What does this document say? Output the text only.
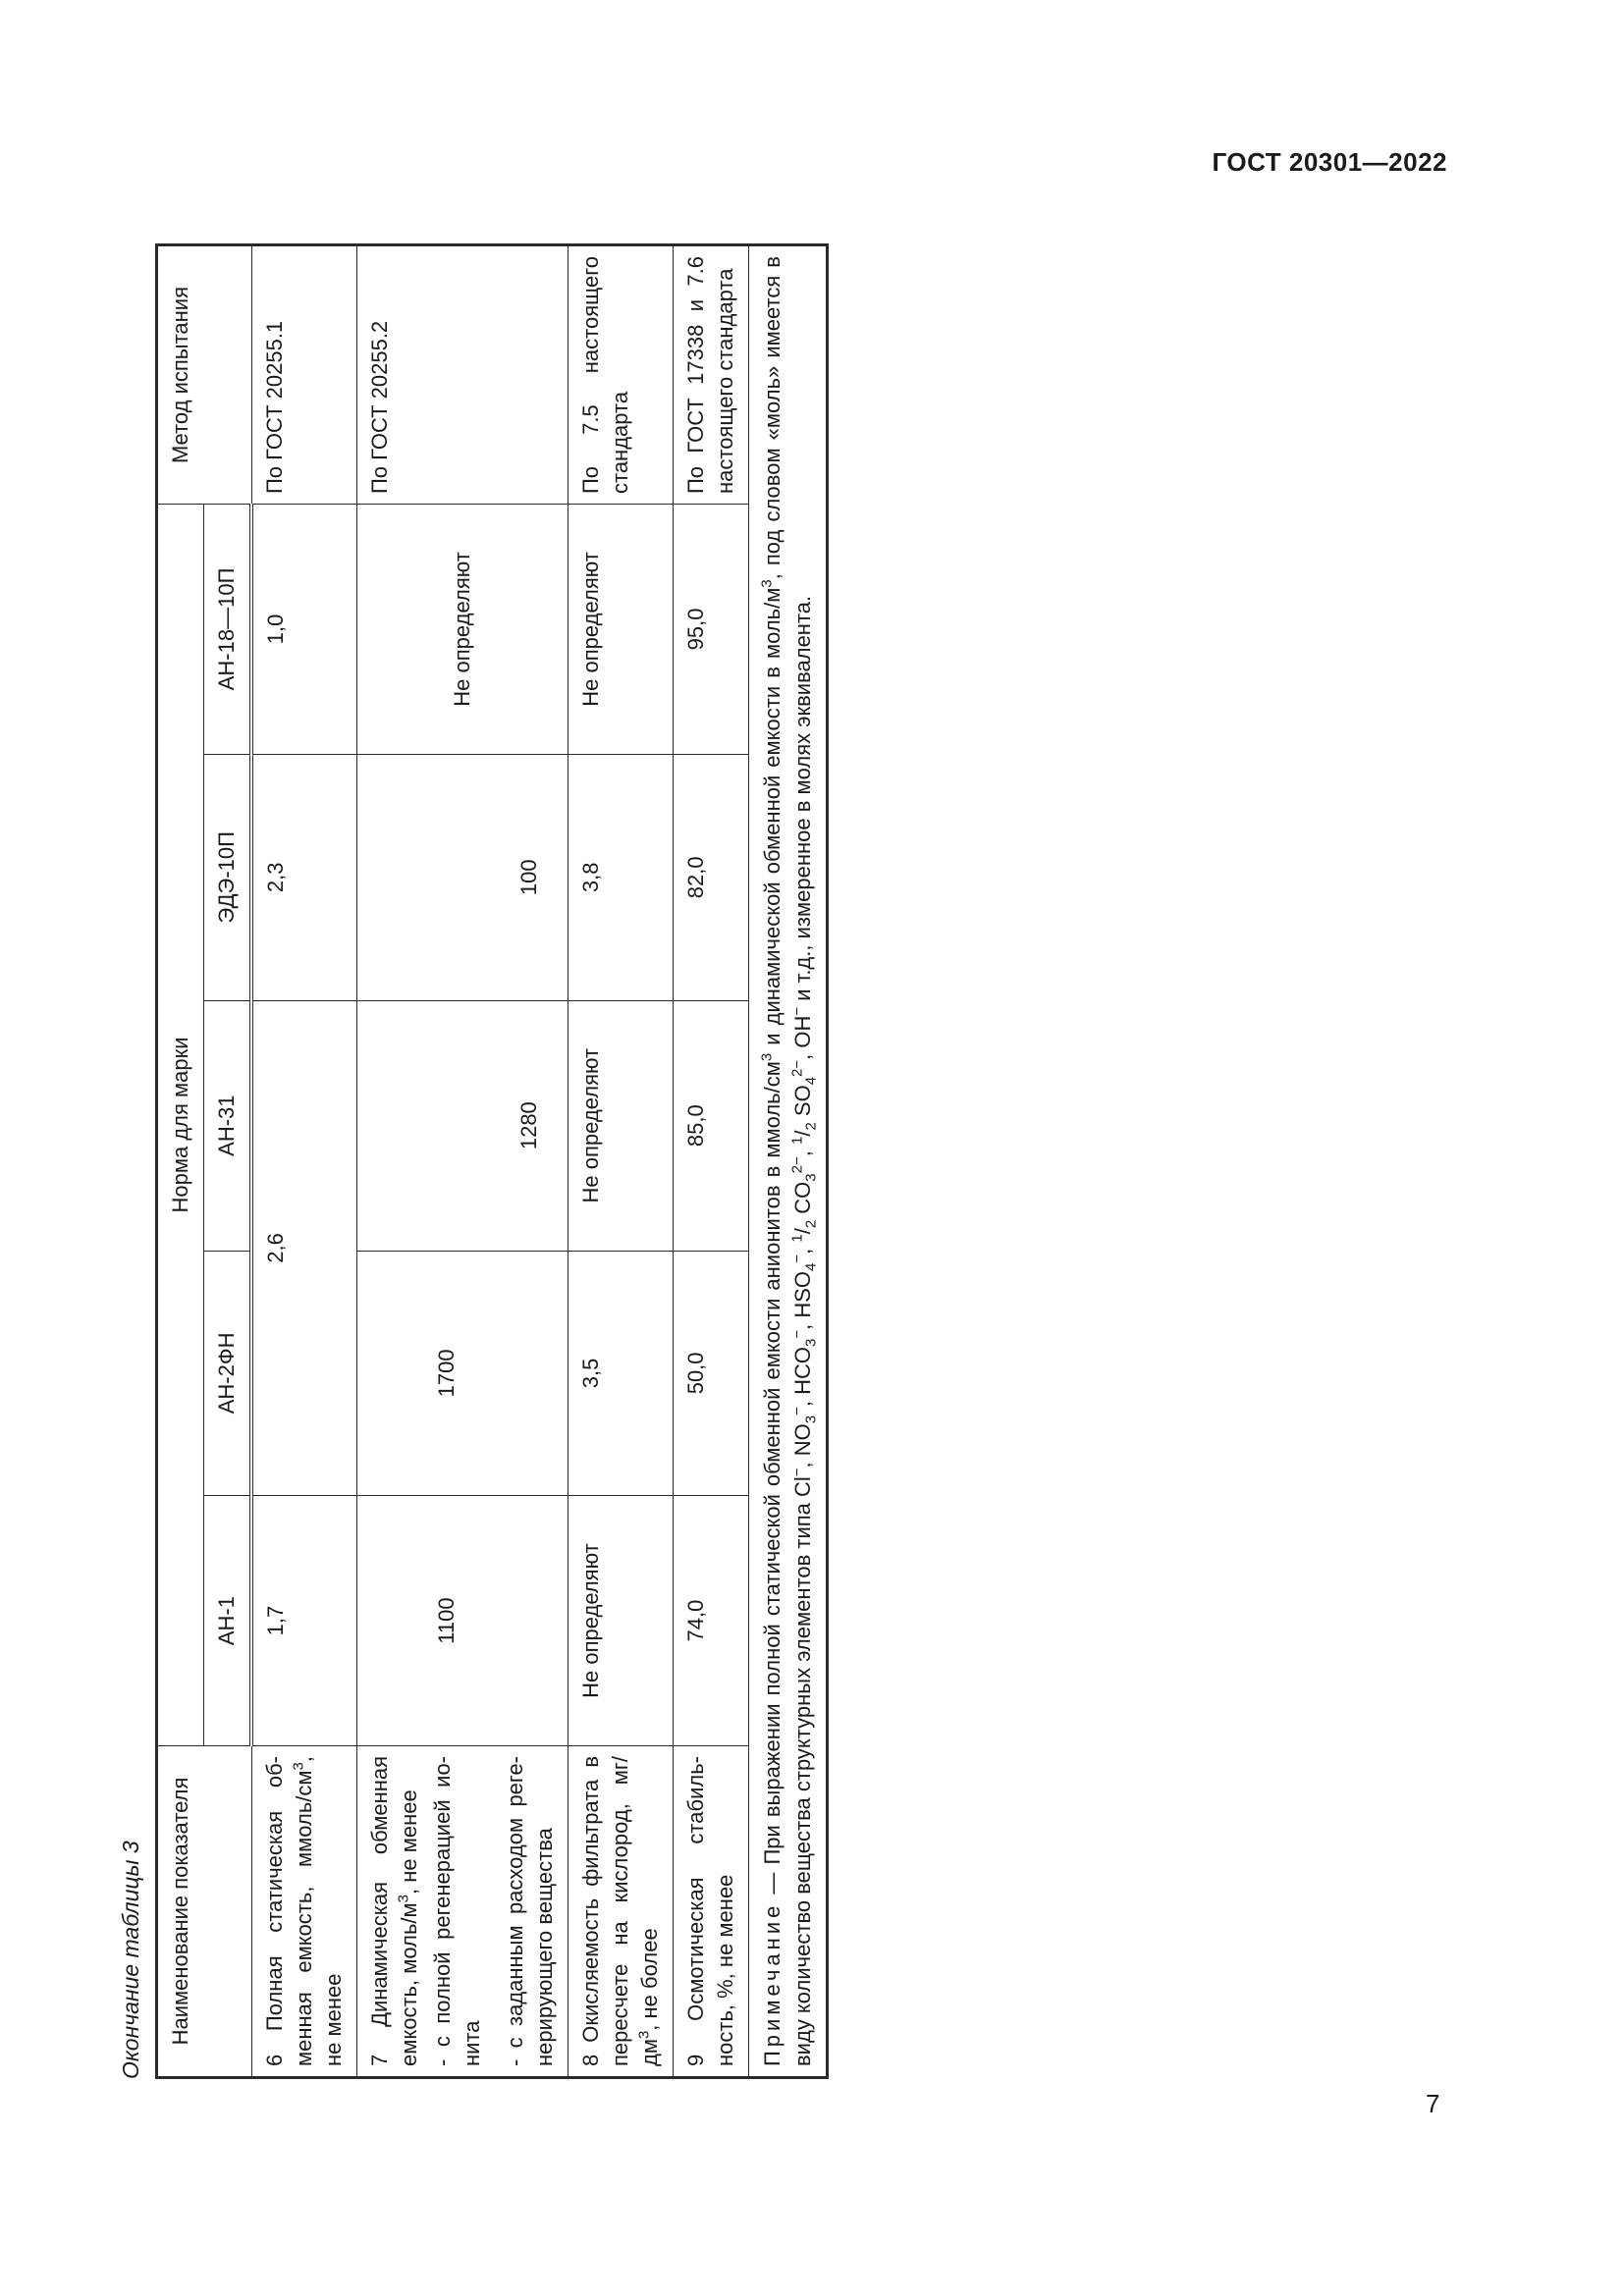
ГОСТ 20301—2022
7
Окончание таблицы 3 Наименование показателя	Норма для марки					Метод испытания
	АН-1	АН-2ФН	АН-31	ЭДЭ-10П	АН-18—10П	
6 Полная статическая об-менная емкость, ммоль/$см^3$, не менее	1,7	2,6		2,3	1,0	По ГОСТ 20255.1
7 Динамическая обменная емкость, моль/$м^3$, не менее - с полной регенерацией ио-нита - с заданным расходом реге-нерирующего вещества	1100	1700	1280	100	Не определяют	По ГОСТ 20255.2
8 Окисляемость фильтрата в пересчете на кислород, $мг/дм^3$, не более	Не определяют	3,5	Не определяют	3,8	Не определяют	По 7.5 настоящего стандарта
9 Осмотическая стабиль-ность, %, не менее	74,0	50,0	85,0	82,0	95,0	По ГОСТ 17338 и 7.6 настоящего стандарта
Примечание — При выражении полной статической обменной емкости анионитов в ммоль/$см^3$ и динамической обменной емкости в моль/$м^3$, под словом «моль» имеется в виду количество вещества структурных элементов типа Cl−, $NO_3^-$, $HCO_3^-$, $HSO_4^-$, $^1/_2$ $CO_3^{2-}$, $^1/_2$ $SO_4^{2-}$, OH− и т.д., измеренное в молях эквивалента.						
